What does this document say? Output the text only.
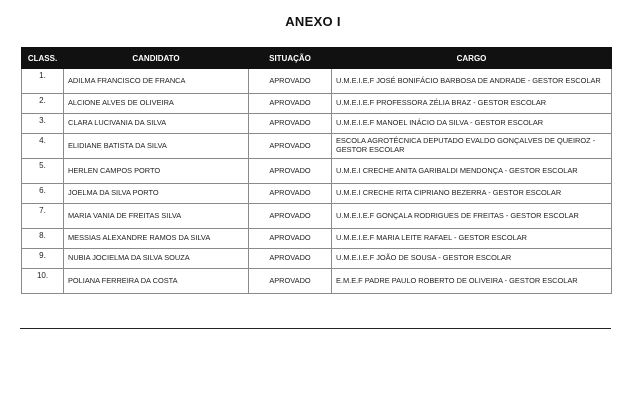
ANEXO I
CLASS.	CANDIDATO	SITUAÇÃO	CARGO
1.	ADILMA FRANCISCO DE FRANCA	APROVADO	U.M.E.I.E.F JOSÉ BONIFÁCIO BARBOSA DE ANDRADE - GESTOR ESCOLAR
2.	ALCIONE ALVES DE OLIVEIRA	APROVADO	U.M.E.I.E.F PROFESSORA ZÉLIA BRAZ - GESTOR ESCOLAR
3.	CLARA LUCIVANIA DA SILVA	APROVADO	U.M.E.I.E.F MANOEL INÁCIO DA SILVA - GESTOR ESCOLAR
4.	ELIDIANE BATISTA DA SILVA	APROVADO	ESCOLA AGROTÉCNICA DEPUTADO EVALDO GONÇALVES DE QUEIROZ - GESTOR ESCOLAR
5.	HERLEN CAMPOS PORTO	APROVADO	U.M.E.I CRECHE ANITA GARIBALDI MENDONÇA - GESTOR ESCOLAR
6.	JOELMA DA SILVA PORTO	APROVADO	U.M.E.I CRECHE RITA CIPRIANO BEZERRA - GESTOR ESCOLAR
7.	MARIA VANIA DE FREITAS SILVA	APROVADO	U.M.E.I.E.F GONÇALA RODRIGUES DE FREITAS - GESTOR ESCOLAR
8.	MESSIAS ALEXANDRE RAMOS DA SILVA	APROVADO	U.M.E.I.E.F MARIA LEITE RAFAEL - GESTOR ESCOLAR
9.	NUBIA JOCIELMA DA SILVA SOUZA	APROVADO	U.M.E.I.E.F JOÃO DE SOUSA - GESTOR ESCOLAR
10.	POLIANA FERREIRA DA COSTA	APROVADO	E.M.E.F PADRE PAULO ROBERTO DE OLIVEIRA - GESTOR ESCOLAR
